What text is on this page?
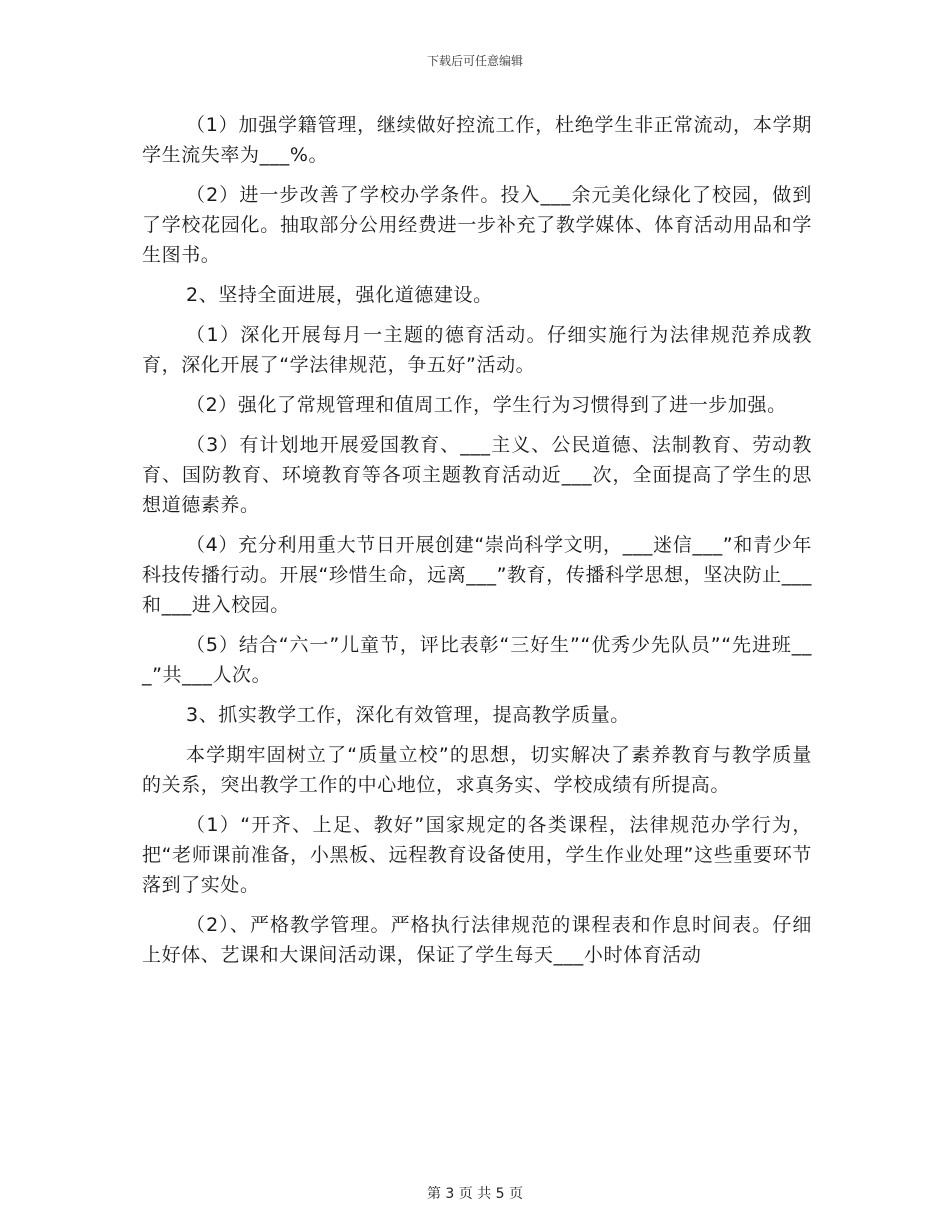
下载后可任意编辑

（1）加强学籍管理，继续做好控流工作，杜绝学生非正常流动，本学期学生流失率为___%。

（2）进一步改善了学校办学条件。投入___余元美化绿化了校园，做到了学校花园化。抽取部分公用经费进一步补充了教学媒体、体育活动用品和学生图书。

2、坚持全面进展，强化道德建设。

（1）深化开展每月一主题的德育活动。仔细实施行为法律规范养成教育，深化开展了“学法律规范，争五好”活动。

（2）强化了常规管理和值周工作，学生行为习惯得到了进一步加强。

（3）有计划地开展爱国教育、___主义、公民道德、法制教育、劳动教育、国防教育、环境教育等各项主题教育活动近___次，全面提高了学生的思想道德素养。

（4）充分利用重大节日开展创建“崇尚科学文明，___迷信___”和青少年科技传播行动。开展“珍惜生命，远离___”教育，传播科学思想，坚决防止___和___进入校园。

（5）结合“六一”儿童节，评比表彰“三好生”“优秀少先队员”“先进班___”共___人次。

3、抓实教学工作，深化有效管理，提高教学质量。

本学期牢固树立了“质量立校”的思想，切实解决了素养教育与教学质量的关系，突出教学工作的中心地位，求真务实、学校成绩有所提高。

（1）“开齐、上足、教好”国家规定的各类课程，法律规范办学行为，把“老师课前准备，小黑板、远程教育设备使用，学生作业处理”这些重要环节落到了实处。

（2）、严格教学管理。严格执行法律规范的课程表和作息时间表。仔细上好体、艺课和大课间活动课，保证了学生每天___小时体育活动

第 3 页 共 5 页
